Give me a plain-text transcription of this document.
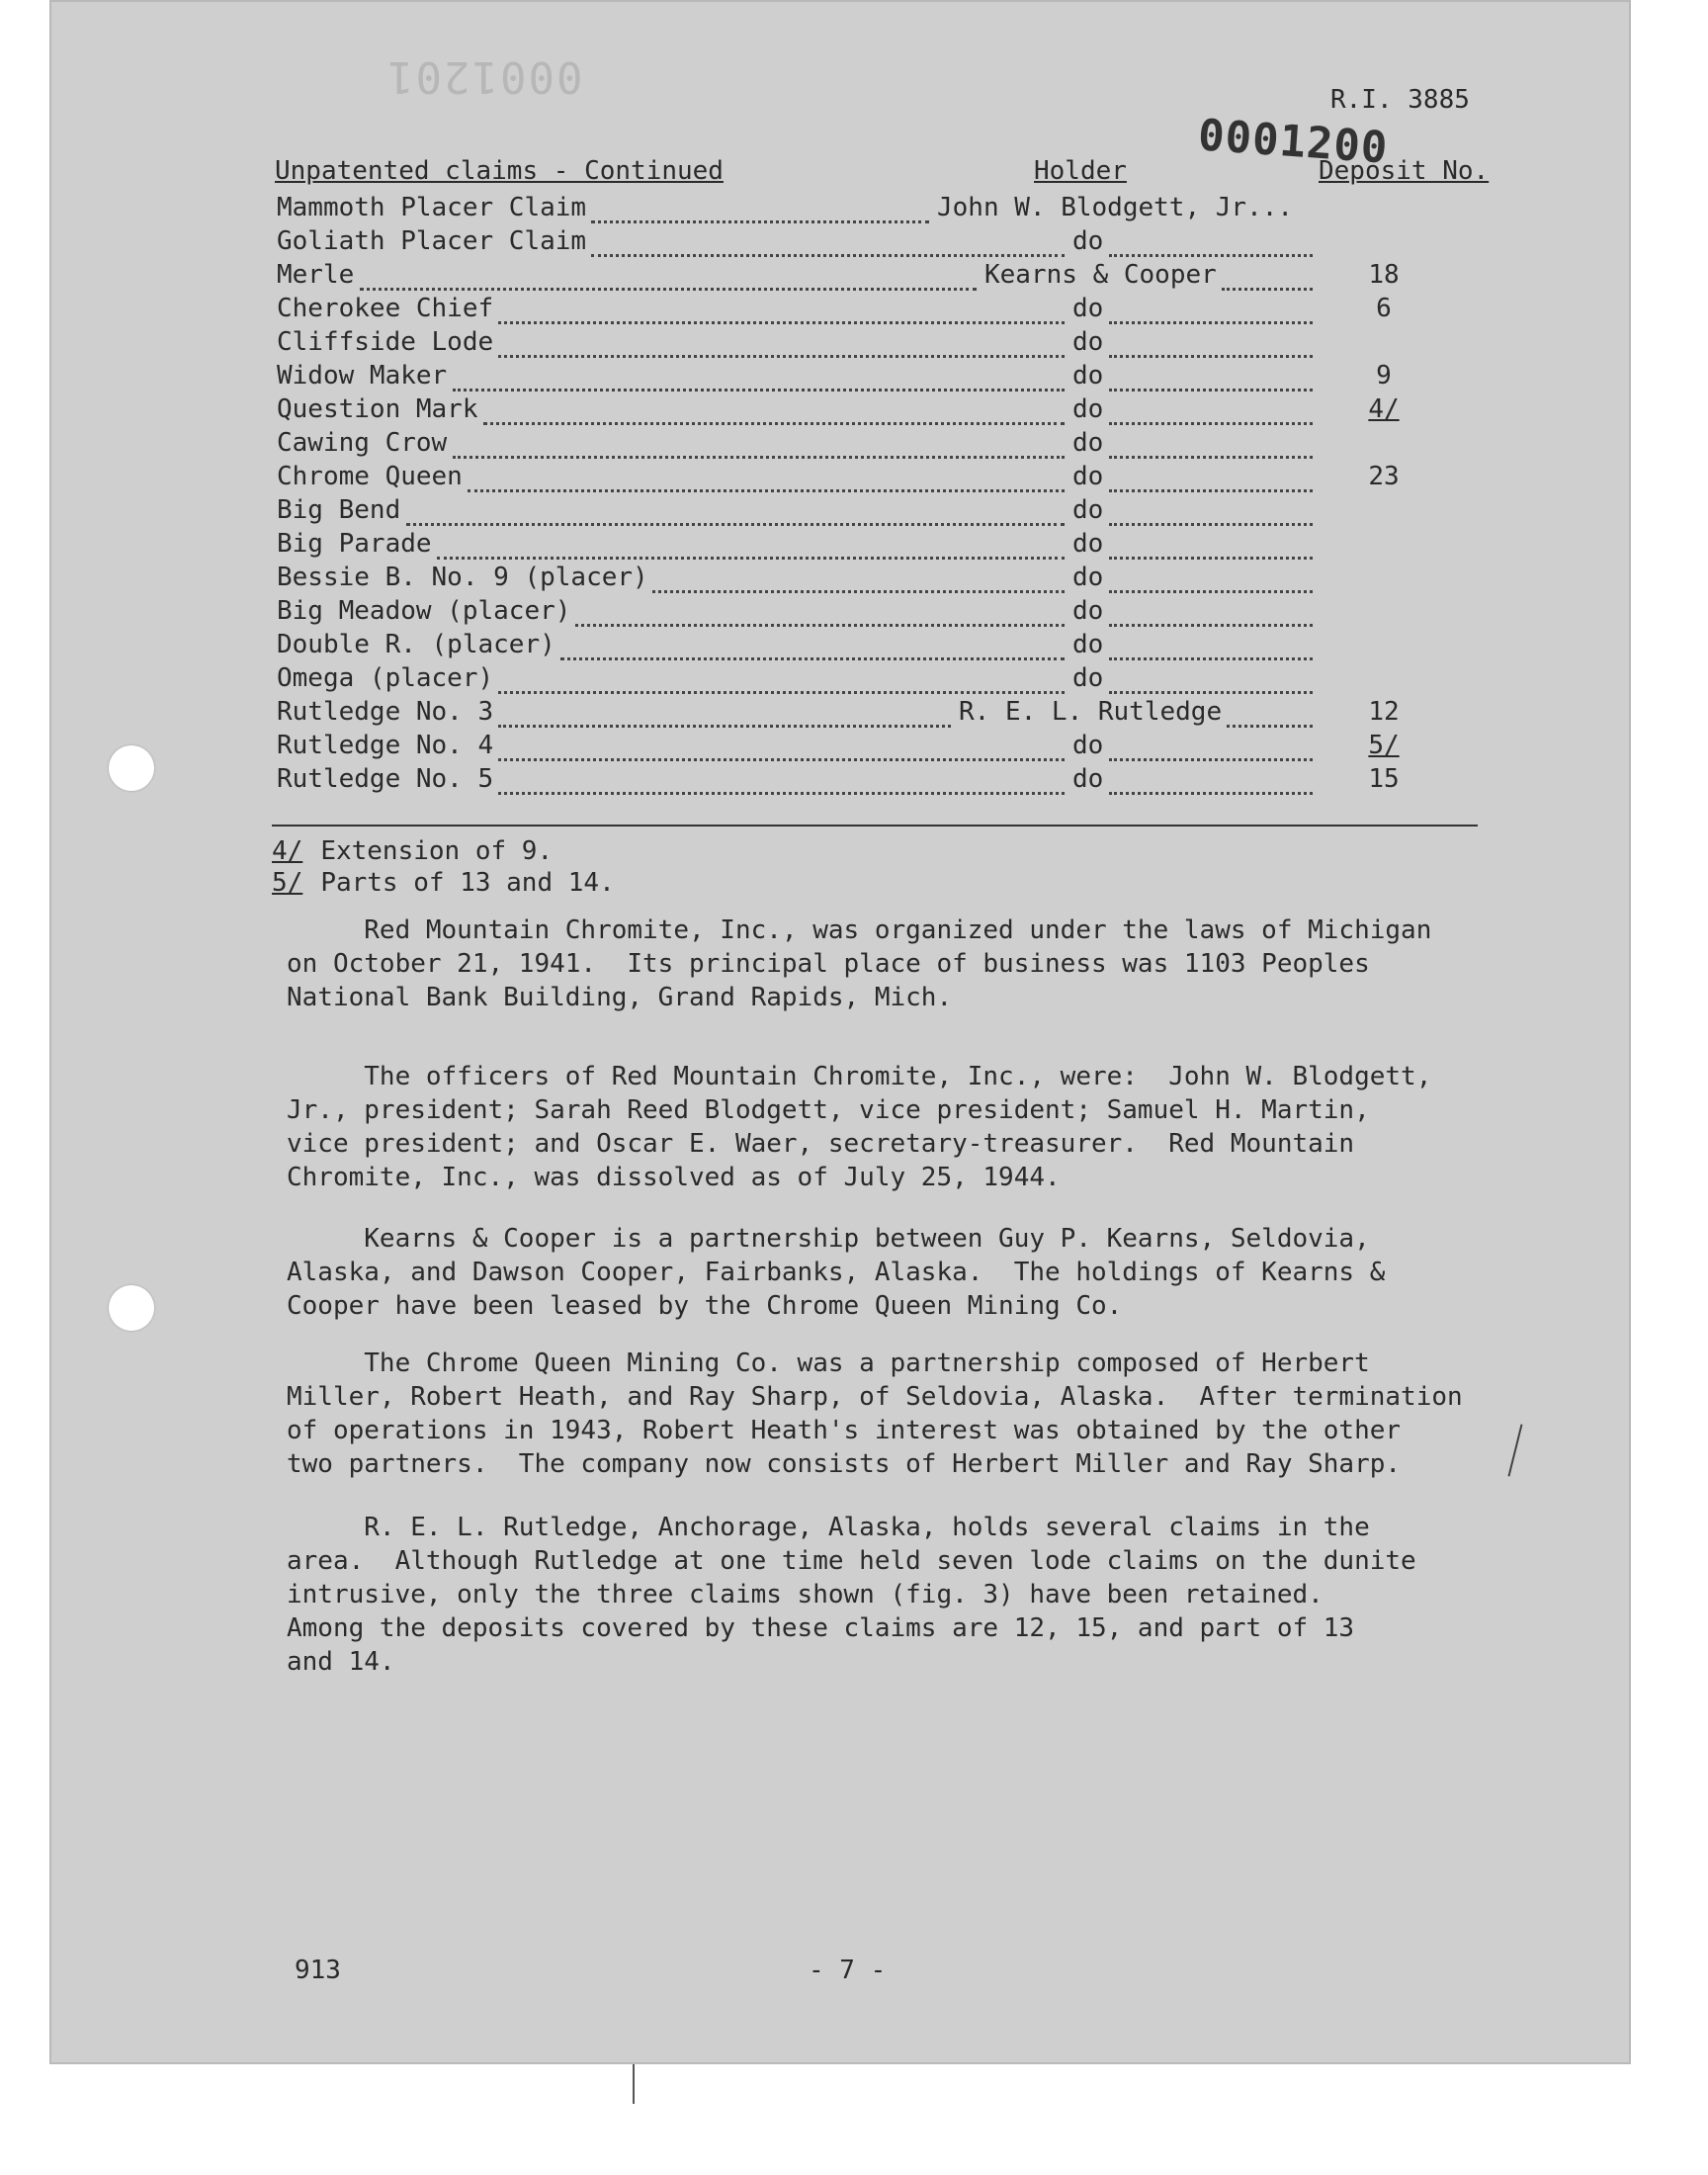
0001201
0001200
R.I. 3885
Unpatented claims - Continued	Holder	Deposit No.
Mammoth Placer Claim	John W. Blodgett, Jr...
Goliath Placer Claim	do
Merle	Kearns & Cooper	18
Cherokee Chief	do	6
Cliffside Lode	do
Widow Maker	do	9
Question Mark	do	4/
Cawing Crow	do
Chrome Queen	do	23
Big Bend	do
Big Parade	do
Bessie B. No. 9 (placer)	do
Big Meadow (placer)	do
Double R. (placer)	do
Omega (placer)	do
Rutledge No. 3	R. E. L. Rutledge	12
Rutledge No. 4	do	5/
Rutledge No. 5	do	15
4/ Extension of 9.
5/ Parts of 13 and 14.
Red Mountain Chromite, Inc., was organized under the laws of Michigan
on October 21, 1941.  Its principal place of business was 1103 Peoples
National Bank Building, Grand Rapids, Mich.
The officers of Red Mountain Chromite, Inc., were:  John W. Blodgett,
Jr., president; Sarah Reed Blodgett, vice president; Samuel H. Martin,
vice president; and Oscar E. Waer, secretary-treasurer.  Red Mountain
Chromite, Inc., was dissolved as of July 25, 1944.
Kearns & Cooper is a partnership between Guy P. Kearns, Seldovia,
Alaska, and Dawson Cooper, Fairbanks, Alaska.  The holdings of Kearns &
Cooper have been leased by the Chrome Queen Mining Co.
The Chrome Queen Mining Co. was a partnership composed of Herbert
Miller, Robert Heath, and Ray Sharp, of Seldovia, Alaska.  After termination
of operations in 1943, Robert Heath's interest was obtained by the other
two partners.  The company now consists of Herbert Miller and Ray Sharp.
R. E. L. Rutledge, Anchorage, Alaska, holds several claims in the
area.  Although Rutledge at one time held seven lode claims on the dunite
intrusive, only the three claims shown (fig. 3) have been retained.
Among the deposits covered by these claims are 12, 15, and part of 13
and 14.
913	- 7 -
